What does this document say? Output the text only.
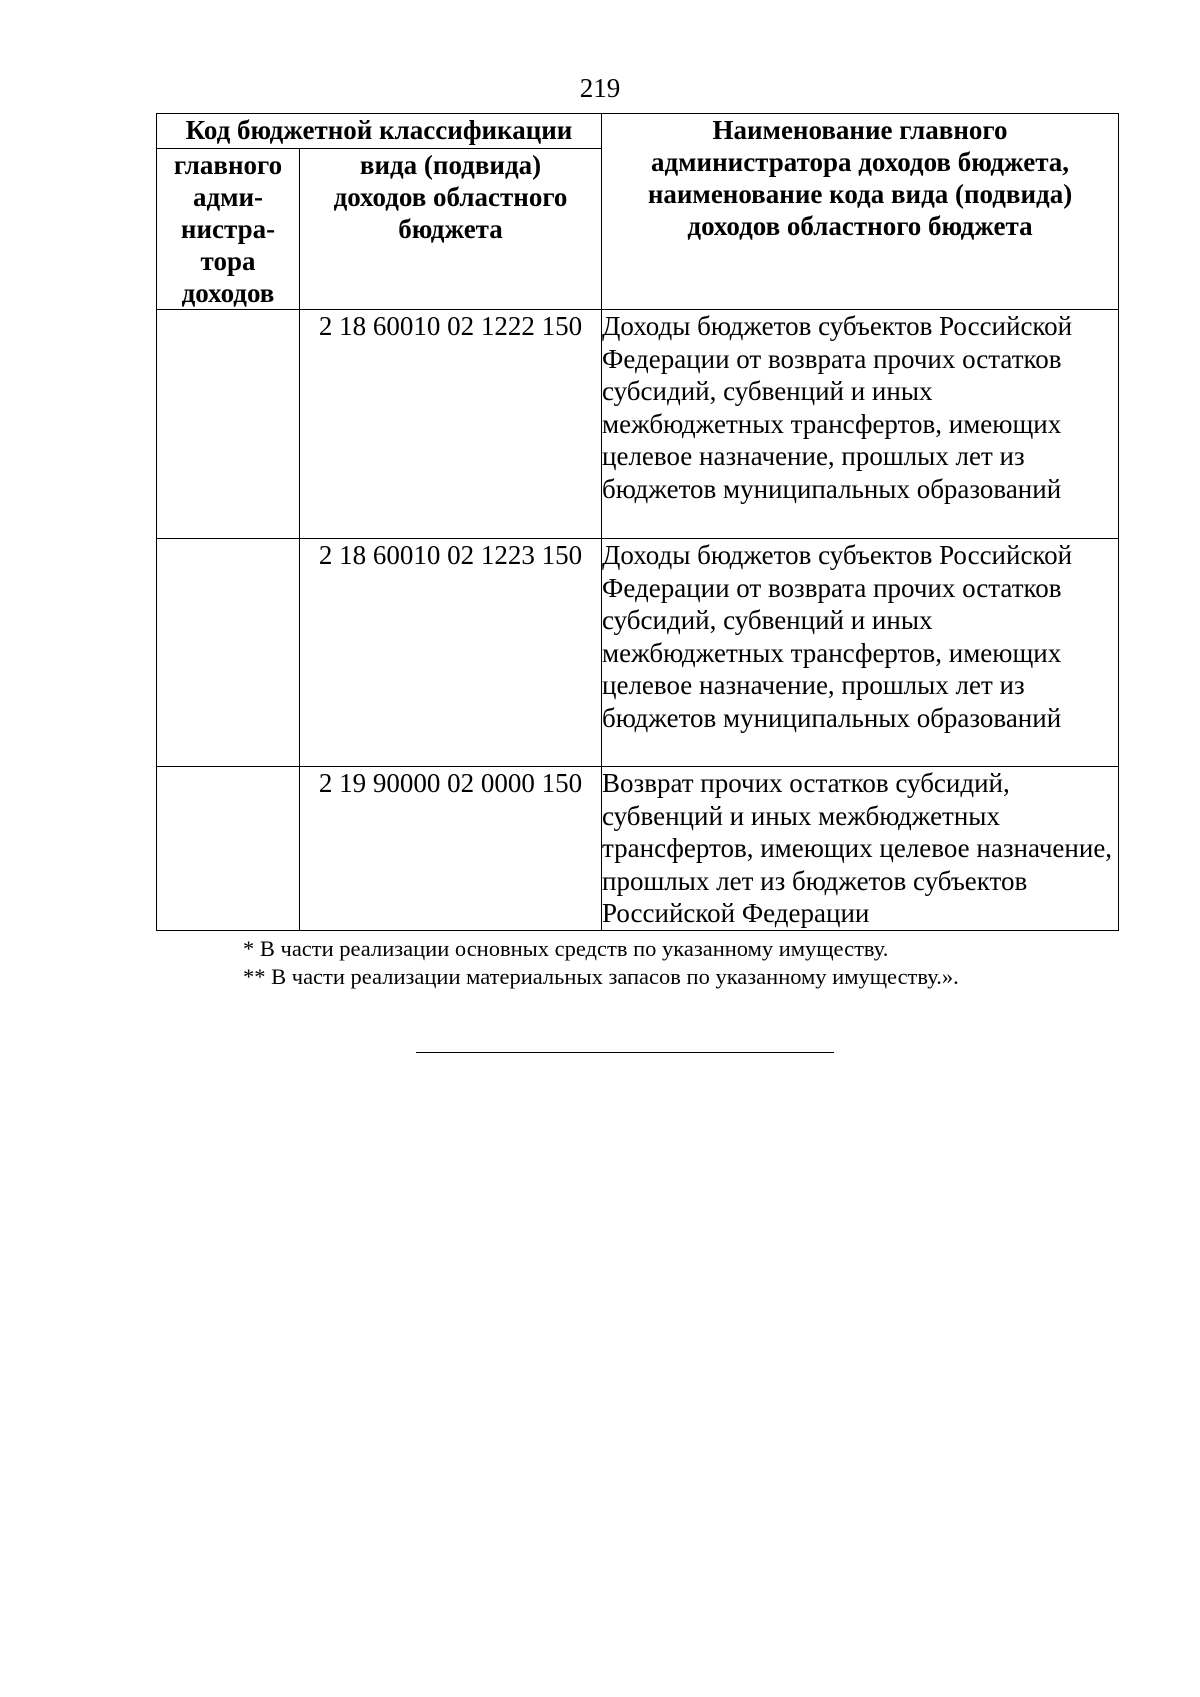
219
Код бюджетной классификации		Наименование главного администратора доходов бюджета, наименование кода вида (подвида) доходов областного бюджета
главного адми-нистра-тора доходов	вида (подвида) доходов областного бюджета	
	2 18 60010 02 1222 150	Доходы бюджетов субъектов Российской Федерации от возврата прочих остатков субсидий, субвенций и иных межбюджетных трансфертов, имеющих целевое назначение, прошлых лет из бюджетов муниципальных образований
	2 18 60010 02 1223 150	Доходы бюджетов субъектов Российской Федерации от возврата прочих остатков субсидий, субвенций и иных межбюджетных трансфертов, имеющих целевое назначение, прошлых лет из бюджетов муниципальных образований
	2 19 90000 02 0000 150	Возврат прочих остатков субсидий, субвенций и иных межбюджетных трансфертов, имеющих целевое назначение, прошлых лет из бюджетов субъектов Российской Федерации
* В части реализации основных средств по указанному имуществу.
** В части реализации материальных запасов по указанному имуществу.».
